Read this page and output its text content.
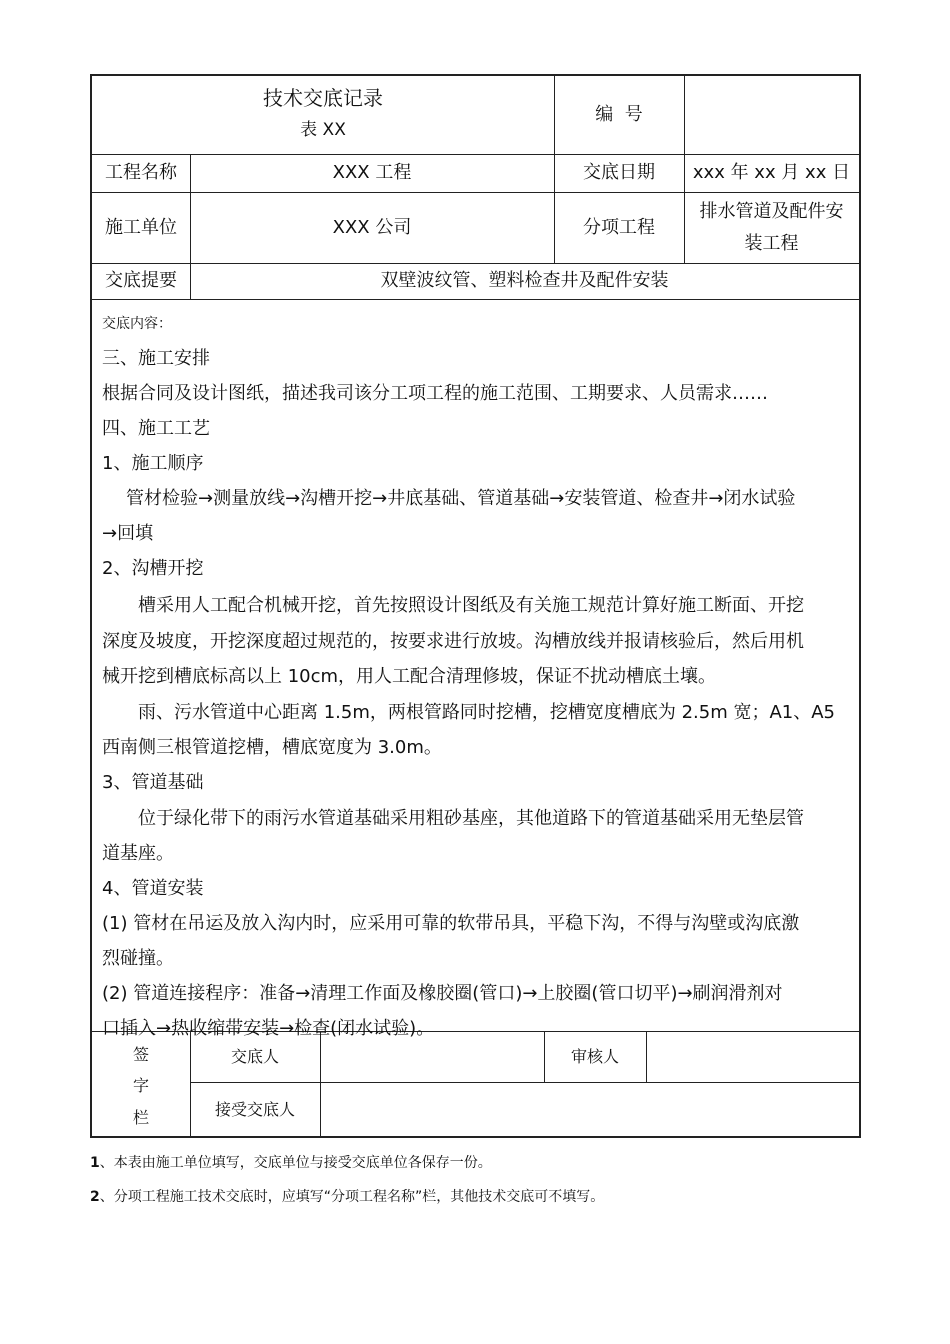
技术交底记录
表 XX
编  号
工程名称	XXX 工程	交底日期	xxx 年 xx 月 xx 日
施工单位	XXX 公司	分项工程
排水管道及配件安
装工程
交底提要	双壁波纹管、塑料检查井及配件安装
交底内容：
三、施工安排
根据合同及设计图纸，描述我司该分工项工程的施工范围、工期要求、人员需求……
四、施工工艺
1、施工顺序
管材检验→测量放线→沟槽开挖→井底基础、管道基础→安装管道、检查井→闭水试验
→回填
2、沟槽开挖
槽采用人工配合机械开挖，首先按照设计图纸及有关施工规范计算好施工断面、开挖
深度及坡度，开挖深度超过规范的，按要求进行放坡。沟槽放线并报请核验后，然后用机
械开挖到槽底标高以上 10cm，用人工配合清理修坡，保证不扰动槽底土壤。
雨、污水管道中心距离 1.5m，两根管路同时挖槽，挖槽宽度槽底为 2.5m 宽；A1、A5
西南侧三根管道挖槽，槽底宽度为 3.0m。
3、管道基础
位于绿化带下的雨污水管道基础采用粗砂基座，其他道路下的管道基础采用无垫层管
道基座。
4、管道安装
(1) 管材在吊运及放入沟内时，应采用可靠的软带吊具，平稳下沟，不得与沟壁或沟底激
烈碰撞。
(2) 管道连接程序：准备→清理工作面及橡胶圈(管口)→上胶圈(管口切平)→刷润滑剂对
口插入→热收缩带安装→检查(闭水试验)。
签
字
栏
交底人	审核人
接受交底人
1、本表由施工单位填写，交底单位与接受交底单位各保存一份。
2、分项工程施工技术交底时，应填写“分项工程名称”栏，其他技术交底可不填写。
